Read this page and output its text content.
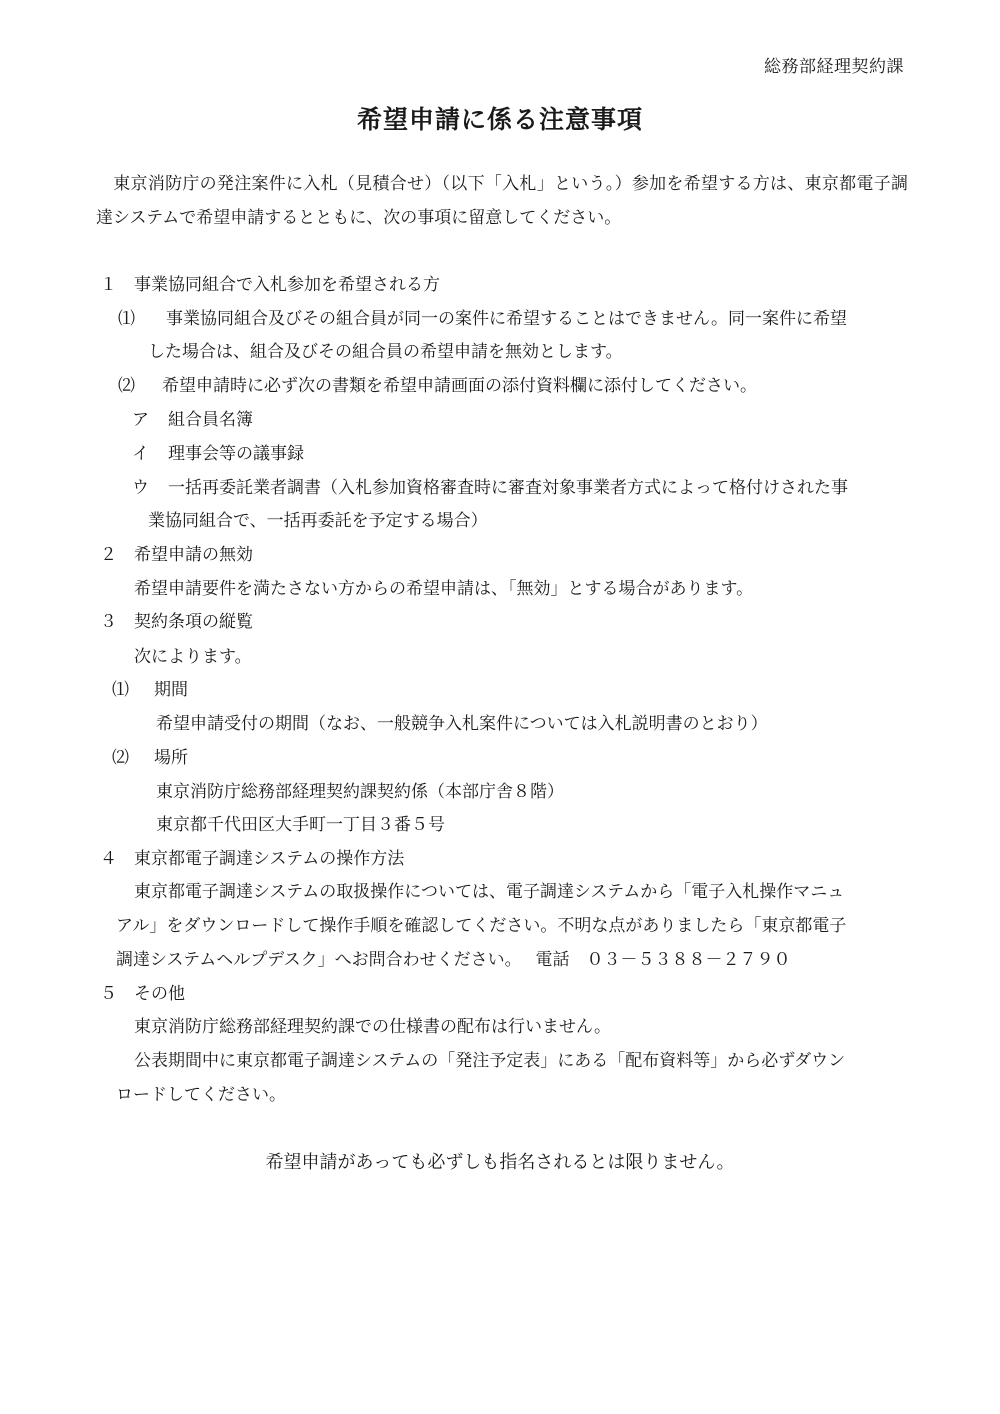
総務部経理契約課
希望申請に係る注意事項
　東京消防庁の発注案件に入札（見積合せ）（以下「入札」という。）参加を希望する方は、東京都電子調達システムで希望申請するとともに、次の事項に留意してください。
１ 事業協同組合で入札参加を希望される方
⑴ 事業協同組合及びその組合員が同一の案件に希望することはできません。同一案件に希望
した場合は、組合及びその組合員の希望申請を無効とします。
⑵ 希望申請時に必ず次の書類を希望申請画面の添付資料欄に添付してください。
ア 組合員名簿
イ 理事会等の議事録
ウ 一括再委託業者調書（入札参加資格審査時に審査対象事業者方式によって格付けされた事
業協同組合で、一括再委託を予定する場合）
２ 希望申請の無効
希望申請要件を満たさない方からの希望申請は、「無効」とする場合があります。
３ 契約条項の縦覧
次によります。
⑴ 期間
希望申請受付の期間（なお、一般競争入札案件については入札説明書のとおり）
⑵ 場所
東京消防庁総務部経理契約課契約係（本部庁舎８階）
東京都千代田区大手町一丁目３番５号
４ 東京都電子調達システムの操作方法
東京都電子調達システムの取扱操作については、電子調達システムから「電子入札操作マニュ
アル」をダウンロードして操作手順を確認してください。不明な点がありましたら「東京都電子
調達システムヘルプデスク」へお問合わせください。　 電話　０３－５３８８－２７９０
５ その他
東京消防庁総務部経理契約課での仕様書の配布は行いません。
公表期間中に東京都電子調達システムの「発注予定表」にある「配布資料等」から必ずダウン
ロードしてください。
希望申請があっても必ずしも指名されるとは限りません。
